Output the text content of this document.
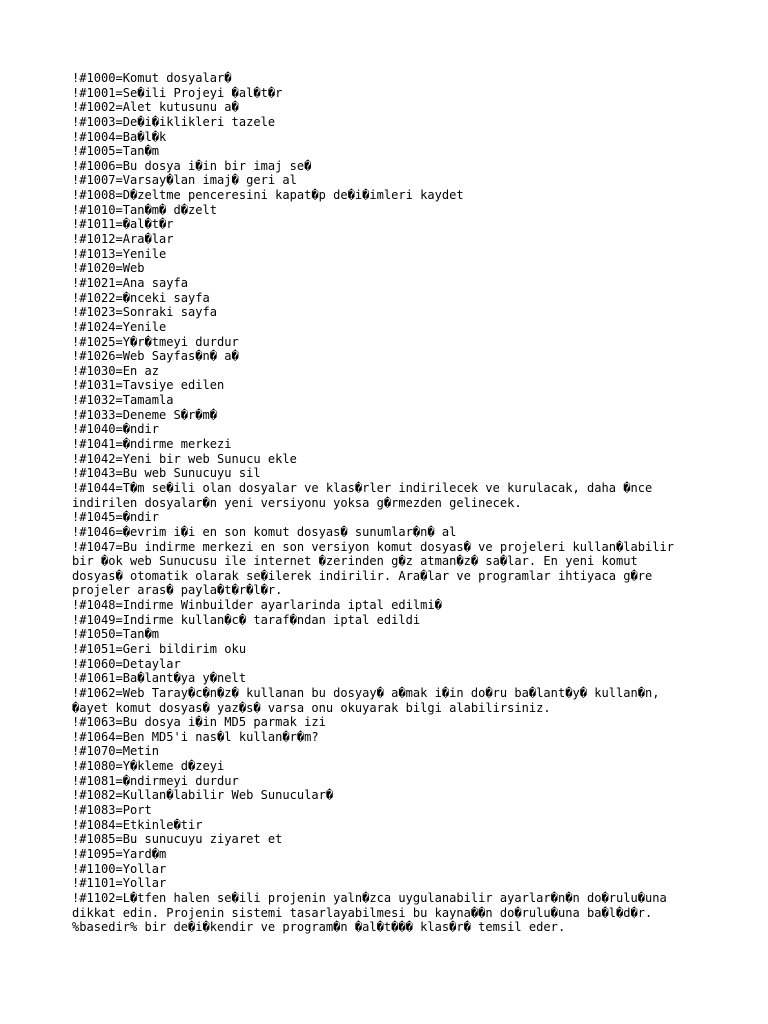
!#1000=Komut dosyalar�
!#1001=Se�ili Projeyi �al�t�r
!#1002=Alet kutusunu a�
!#1003=De�i�iklikleri tazele
!#1004=Ba�l�k
!#1005=Tan�m
!#1006=Bu dosya i�in bir imaj se�
!#1007=Varsay�lan imaj� geri al
!#1008=D�zeltme penceresini kapat�p de�i�imleri kaydet
!#1010=Tan�m� d�zelt
!#1011=�al�t�r
!#1012=Ara�lar
!#1013=Yenile
!#1020=Web
!#1021=Ana sayfa
!#1022=�nceki sayfa
!#1023=Sonraki sayfa
!#1024=Yenile
!#1025=Y�r�tmeyi durdur
!#1026=Web Sayfas�n� a�
!#1030=En az
!#1031=Tavsiye edilen
!#1032=Tamamla
!#1033=Deneme S�r�m�
!#1040=�ndir
!#1041=�ndirme merkezi
!#1042=Yeni bir web Sunucu ekle
!#1043=Bu web Sunucuyu sil
!#1044=T�m se�ili olan dosyalar ve klas�rler indirilecek ve kurulacak, daha �nce
indirilen dosyalar�n yeni versiyonu yoksa g�rmezden gelinecek.
!#1045=�ndir
!#1046=�evrim i�i en son komut dosyas� sunumlar�n� al
!#1047=Bu indirme merkezi en son versiyon komut dosyas� ve projeleri kullan�labilir
bir �ok web Sunucusu ile internet �zerinden g�z atman�z� sa�lar. En yeni komut
dosyas� otomatik olarak se�ilerek indirilir. Ara�lar ve programlar ihtiyaca g�re
projeler aras� payla�t�r�l�r.
!#1048=Indirme Winbuilder ayarlarinda iptal edilmi�
!#1049=Indirme kullan�c� taraf�ndan iptal edildi
!#1050=Tan�m
!#1051=Geri bildirim oku
!#1060=Detaylar
!#1061=Ba�lant�ya y�nelt
!#1062=Web Taray�c�n�z� kullanan bu dosyay� a�mak i�in do�ru ba�lant�y� kullan�n,
�ayet komut dosyas� yaz�s� varsa onu okuyarak bilgi alabilirsiniz.
!#1063=Bu dosya i�in MD5 parmak izi
!#1064=Ben MD5'i nas�l kullan�r�m?
!#1070=Metin
!#1080=Y�kleme d�zeyi
!#1081=�ndirmeyi durdur
!#1082=Kullan�labilir Web Sunucular�
!#1083=Port
!#1084=Etkinle�tir
!#1085=Bu sunucuyu ziyaret et
!#1095=Yard�m
!#1100=Yollar
!#1101=Yollar
!#1102=L�tfen halen se�ili projenin yaln�zca uygulanabilir ayarlar�n�n do�rulu�una
dikkat edin. Projenin sistemi tasarlayabilmesi bu kayna��n do�rulu�una ba�l�d�r.
%basedir% bir de�i�kendir ve program�n �al�t��� klas�r� temsil eder.
